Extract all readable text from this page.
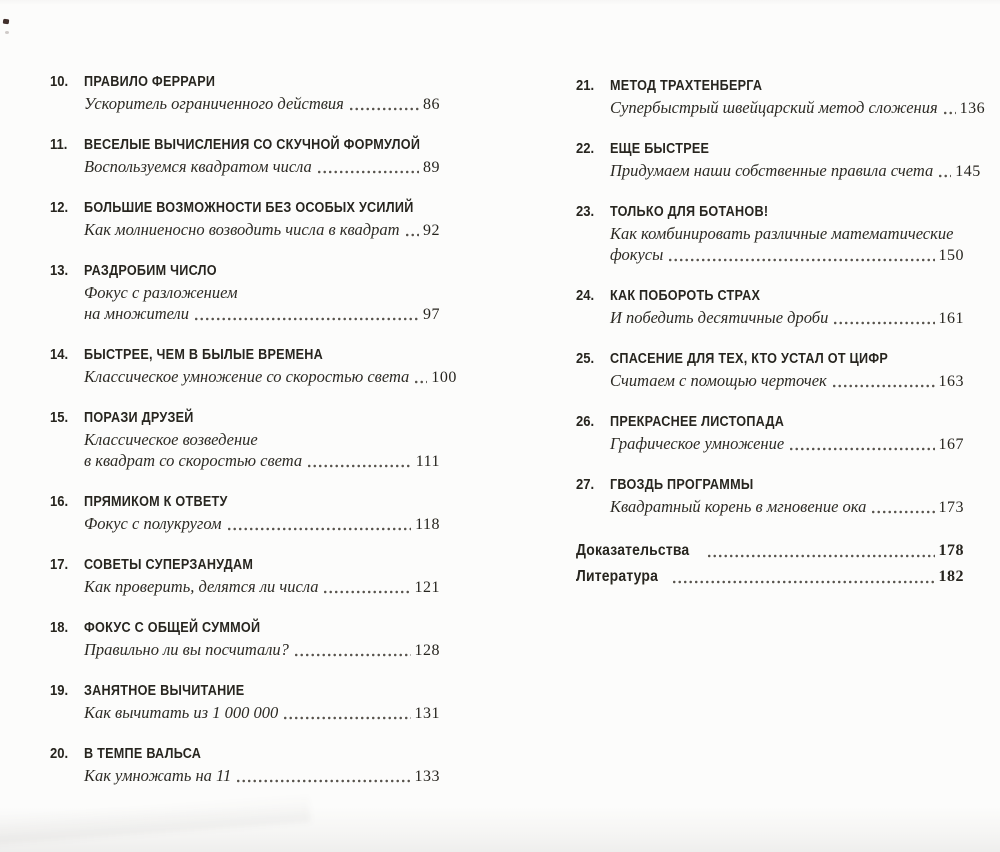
10. ПРАВИЛО ФЕРРАРИ
Ускоритель ограниченного действия	86
11. ВЕСЕЛЫЕ ВЫЧИСЛЕНИЯ СО СКУЧНОЙ ФОРМУЛОЙ
Воспользуемся квадратом числа	89
12. БОЛЬШИЕ ВОЗМОЖНОСТИ БЕЗ ОСОБЫХ УСИЛИЙ
Как молниеносно возводить числа в квадрат 92
13. РАЗДРОБИМ ЧИСЛО
Фокус с разложением
на множители	97
14. БЫСТРЕЕ, ЧЕМ В БЫЛЫЕ ВРЕМЕНА
Классическое умножение со скоростью света 100
15. ПОРАЗИ ДРУЗЕЙ
Классическое возведение
в квадрат со скоростью света	111
16. ПРЯМИКОМ К ОТВЕТУ
Фокус с полукругом	118
17. СОВЕТЫ СУПЕРЗАНУДАМ
Как проверить, делятся ли числа	121
18. ФОКУС С ОБЩЕЙ СУММОЙ
Правильно ли вы посчитали?	128
19. ЗАНЯТНОЕ ВЫЧИТАНИЕ
Как вычитать из 1 000 000	131
20. В ТЕМПЕ ВАЛЬСА
Как умножать на 11	133
21. МЕТОД ТРАХТЕНБЕРГА
Супербыстрый швейцарский метод сложения 136
22. ЕЩЕ БЫСТРЕЕ
Придумаем наши собственные правила счета 145
23. ТОЛЬКО ДЛЯ БОТАНОВ!
Как комбинировать различные математические
фокусы	150
24. КАК ПОБОРОТЬ СТРАХ
И победить десятичные дроби	161
25. СПАСЕНИЕ ДЛЯ ТЕХ, КТО УСТАЛ ОТ ЦИФР
Считаем с помощью черточек	163
26. ПРЕКРАСНЕЕ ЛИСТОПАДА
Графическое умножение	167
27. ГВОЗДЬ ПРОГРАММЫ
Квадратный корень в мгновение ока	173
Доказательства	178
Литература	182
